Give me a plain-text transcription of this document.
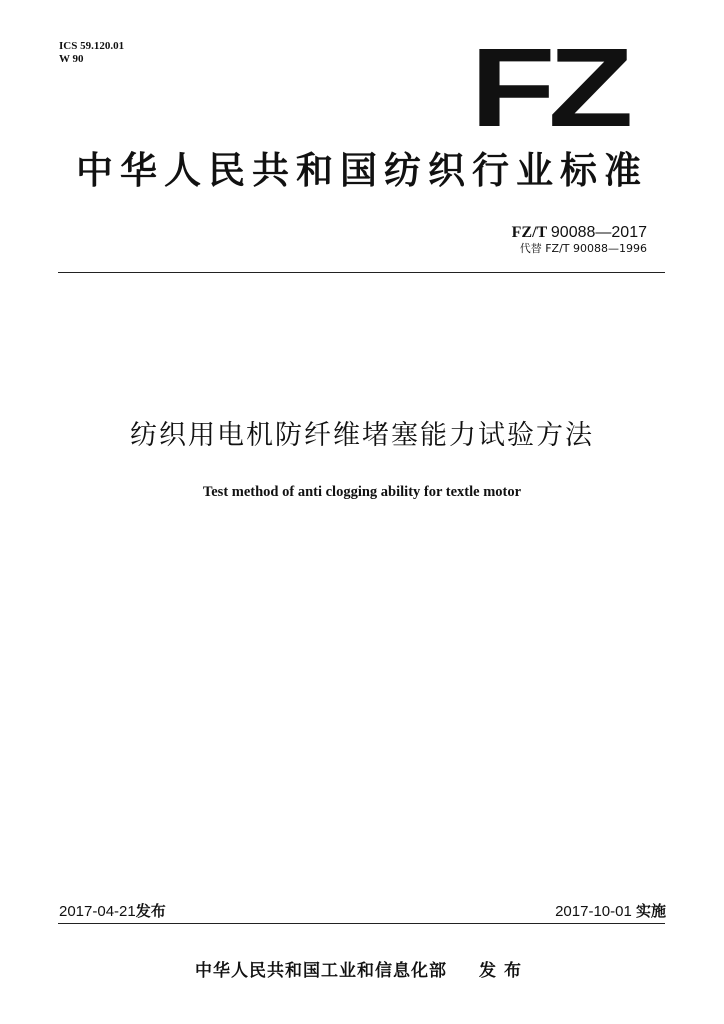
ICS 59.120.01
W 90	FZ
中华人民共和国纺织行业标准
FZ/T 90088—2017
代替 FZ/T 90088—1996
纺织用电机防纤维堵塞能力试验方法
Test method of anti clogging ability for textle motor
2017-04-21发布	2017-10-01 实施
中华人民共和国工业和信息化部 发布
